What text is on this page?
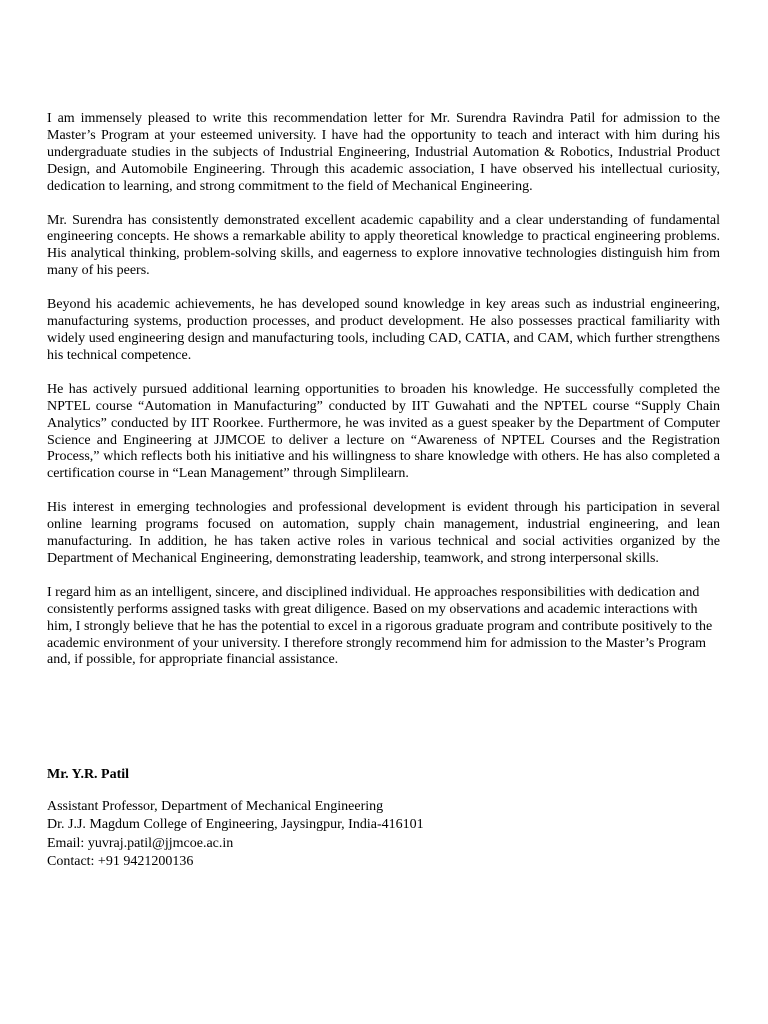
I am immensely pleased to write this recommendation letter for Mr. Surendra Ravindra Patil for admission to the Master’s Program at your esteemed university. I have had the opportunity to teach and interact with him during his undergraduate studies in the subjects of Industrial Engineering, Industrial Automation & Robotics, Industrial Product Design, and Automobile Engineering. Through this academic association, I have observed his intellectual curiosity, dedication to learning, and strong commitment to the field of Mechanical Engineering.

Mr. Surendra has consistently demonstrated excellent academic capability and a clear understanding of fundamental engineering concepts. He shows a remarkable ability to apply theoretical knowledge to practical engineering problems. His analytical thinking, problem-solving skills, and eagerness to explore innovative technologies distinguish him from many of his peers.

Beyond his academic achievements, he has developed sound knowledge in key areas such as industrial engineering, manufacturing systems, production processes, and product development. He also possesses practical familiarity with widely used engineering design and manufacturing tools, including CAD, CATIA, and CAM, which further strengthens his technical competence.

He has actively pursued additional learning opportunities to broaden his knowledge. He successfully completed the NPTEL course “Automation in Manufacturing” conducted by IIT Guwahati and the NPTEL course “Supply Chain Analytics” conducted by IIT Roorkee. Furthermore, he was invited as a guest speaker by the Department of Computer Science and Engineering at JJMCOE to deliver a lecture on “Awareness of NPTEL Courses and the Registration Process,” which reflects both his initiative and his willingness to share knowledge with others. He has also completed a certification course in “Lean Management” through Simplilearn.

His interest in emerging technologies and professional development is evident through his participation in several online learning programs focused on automation, supply chain management, industrial engineering, and lean manufacturing. In addition, he has taken active roles in various technical and social activities organized by the Department of Mechanical Engineering, demonstrating leadership, teamwork, and strong interpersonal skills.

I regard him as an intelligent, sincere, and disciplined individual. He approaches responsibilities with dedication and consistently performs assigned tasks with great diligence. Based on my observations and academic interactions with him, I strongly believe that he has the potential to excel in a rigorous graduate program and contribute positively to the academic environment of your university. I therefore strongly recommend him for admission to the Master’s Program and, if possible, for appropriate financial assistance.

Mr. Y.R. Patil

Assistant Professor, Department of Mechanical Engineering

Dr. J.J. Magdum College of Engineering, Jaysingpur, India-416101

Email: yuvraj.patil@jjmcoe.ac.in

Contact: +91 9421200136
